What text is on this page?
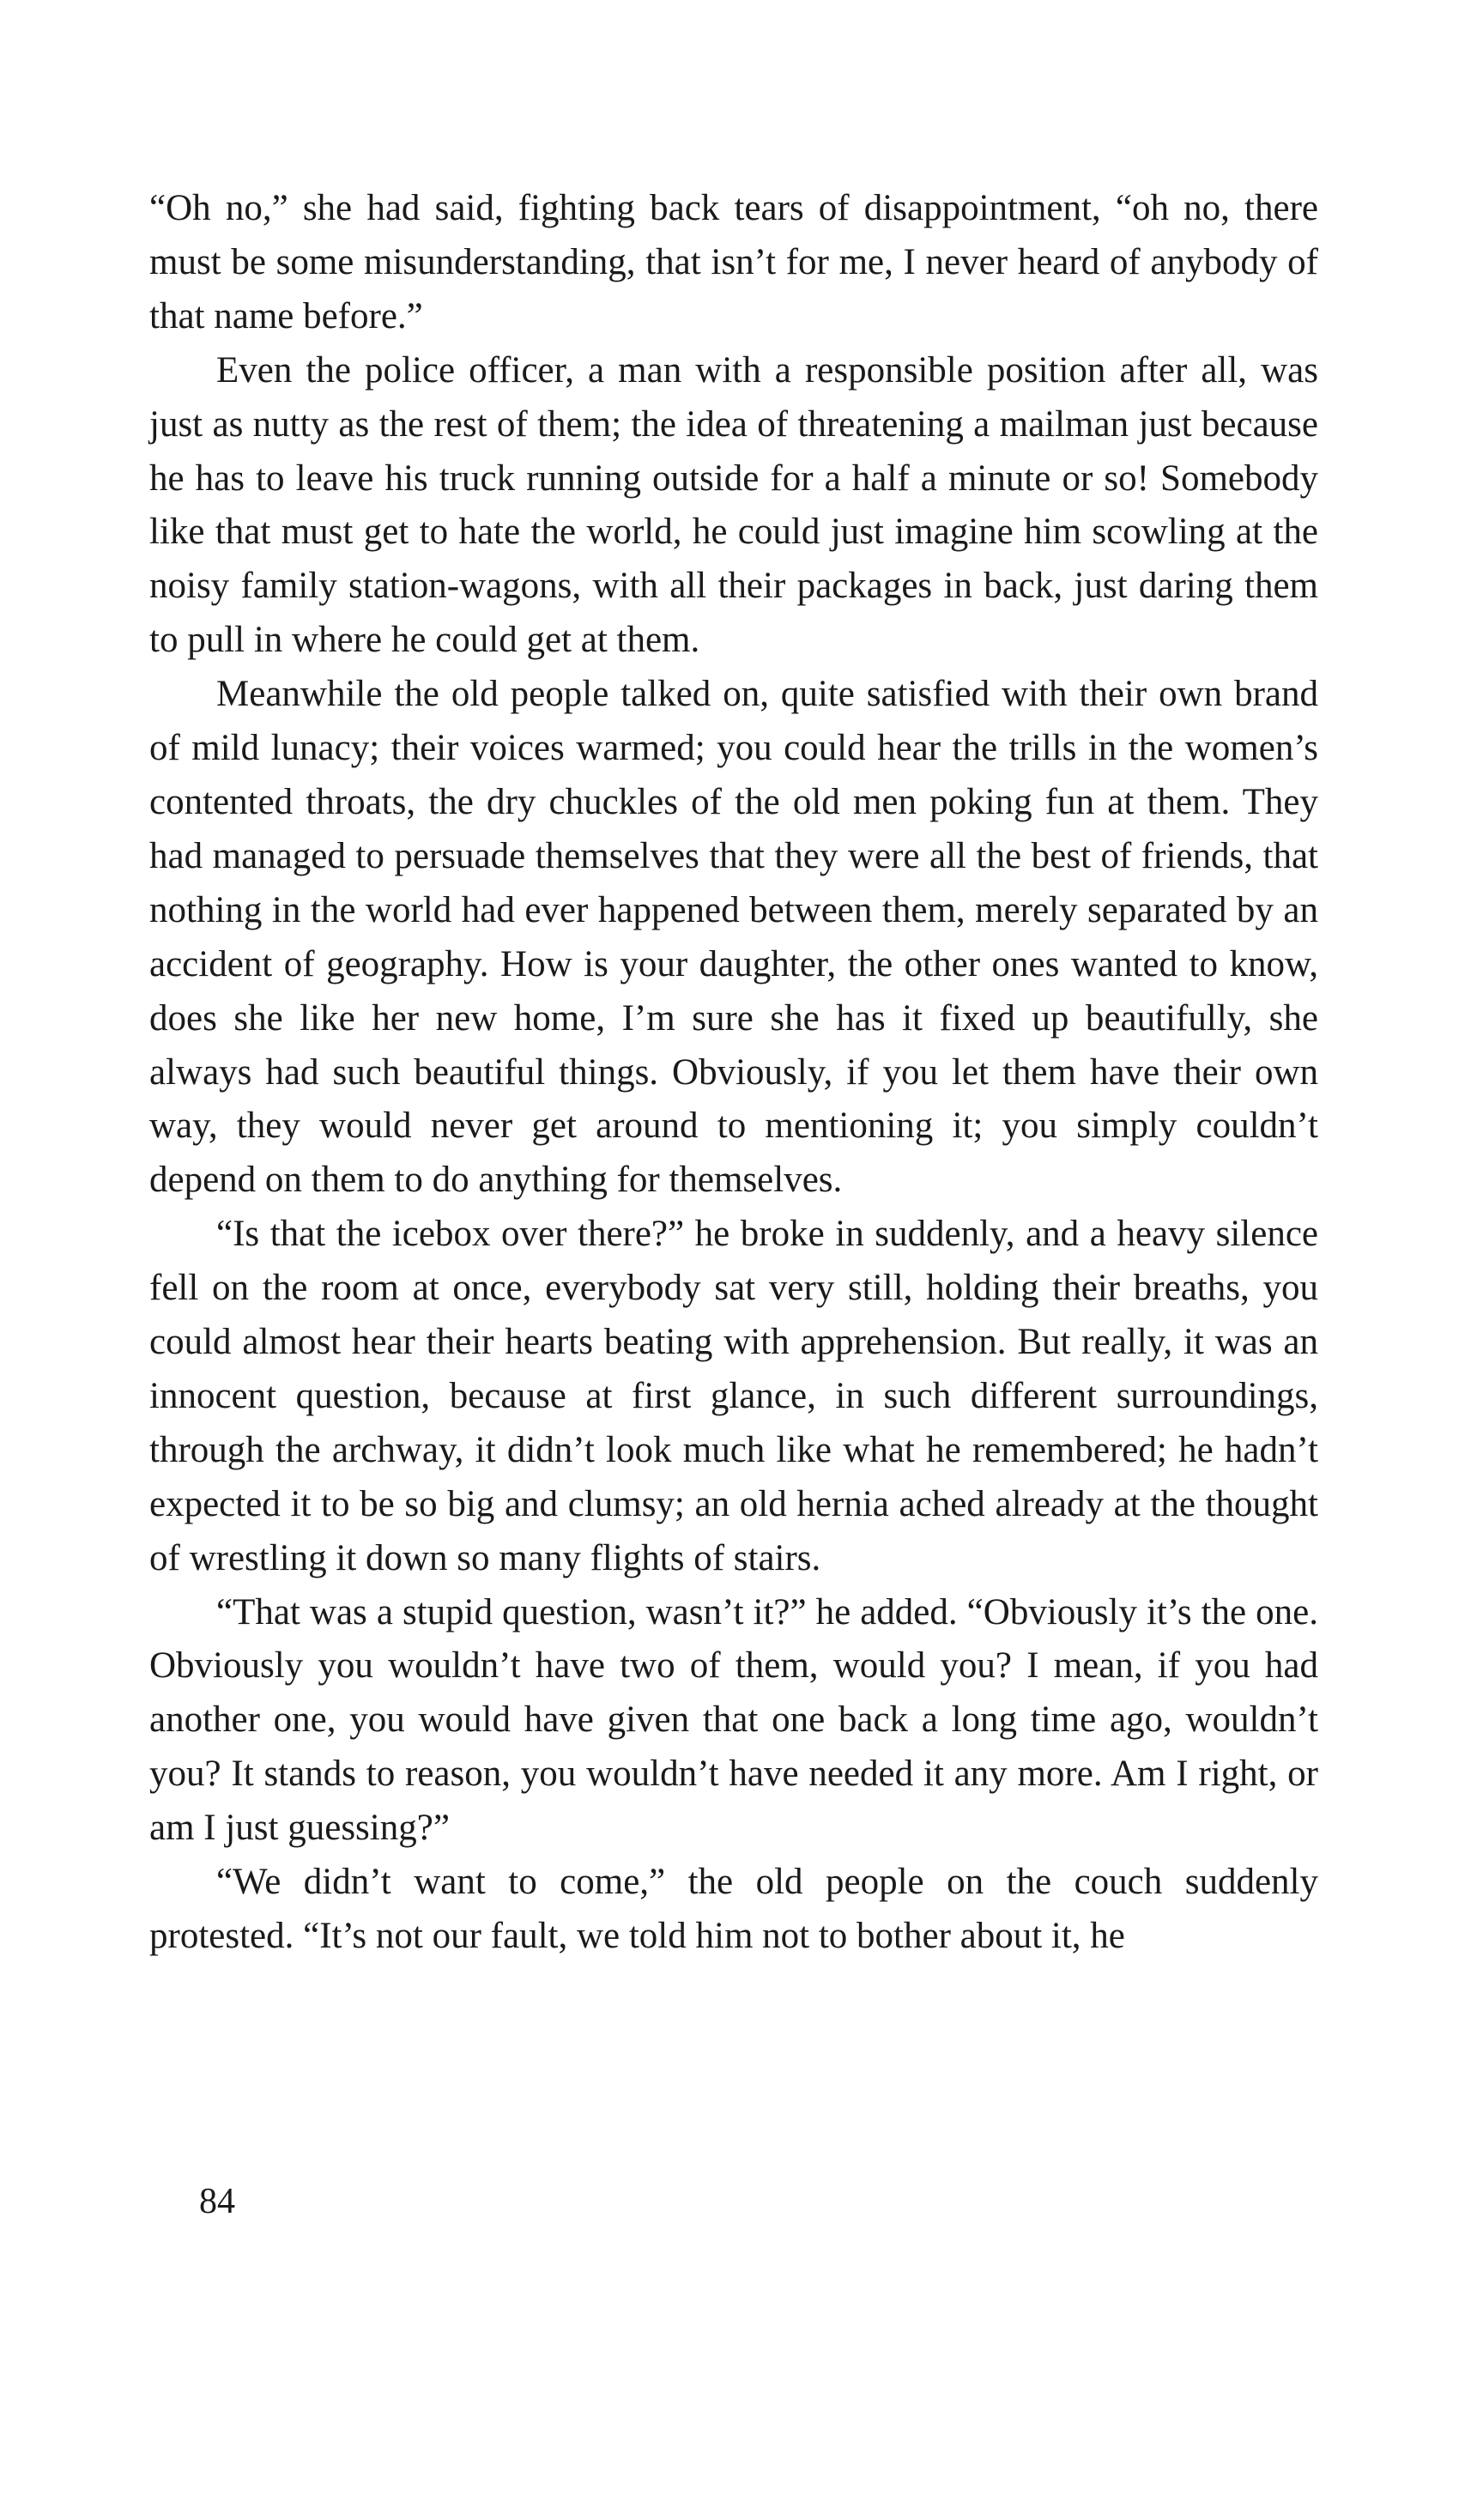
“Oh no,” she had said, fighting back tears of disappointment, “oh no, there must be some misunderstanding, that isn’t for me, I never heard of anybody of that name before.”

Even the police officer, a man with a responsible position after all, was just as nutty as the rest of them; the idea of threatening a mailman just because he has to leave his truck running outside for a half a minute or so! Somebody like that must get to hate the world, he could just imagine him scowling at the noisy family station-wagons, with all their packages in back, just daring them to pull in where he could get at them.

Meanwhile the old people talked on, quite satisfied with their own brand of mild lunacy; their voices warmed; you could hear the trills in the women’s contented throats, the dry chuckles of the old men poking fun at them. They had managed to persuade themselves that they were all the best of friends, that nothing in the world had ever happened between them, merely separated by an accident of geography. How is your daughter, the other ones wanted to know, does she like her new home, I’m sure she has it fixed up beautifully, she always had such beautiful things. Obviously, if you let them have their own way, they would never get around to mentioning it; you simply couldn’t depend on them to do anything for themselves.

“Is that the icebox over there?” he broke in suddenly, and a heavy silence fell on the room at once, everybody sat very still, holding their breaths, you could almost hear their hearts beating with apprehension. But really, it was an innocent question, because at first glance, in such different surroundings, through the archway, it didn’t look much like what he remembered; he hadn’t expected it to be so big and clumsy; an old hernia ached already at the thought of wrestling it down so many flights of stairs.

“That was a stupid question, wasn’t it?” he added. “Obviously it’s the one. Obviously you wouldn’t have two of them, would you? I mean, if you had another one, you would have given that one back a long time ago, wouldn’t you? It stands to reason, you wouldn’t have needed it any more. Am I right, or am I just guessing?”

“We didn’t want to come,” the old people on the couch suddenly protested. “It’s not our fault, we told him not to bother about it, he

84
